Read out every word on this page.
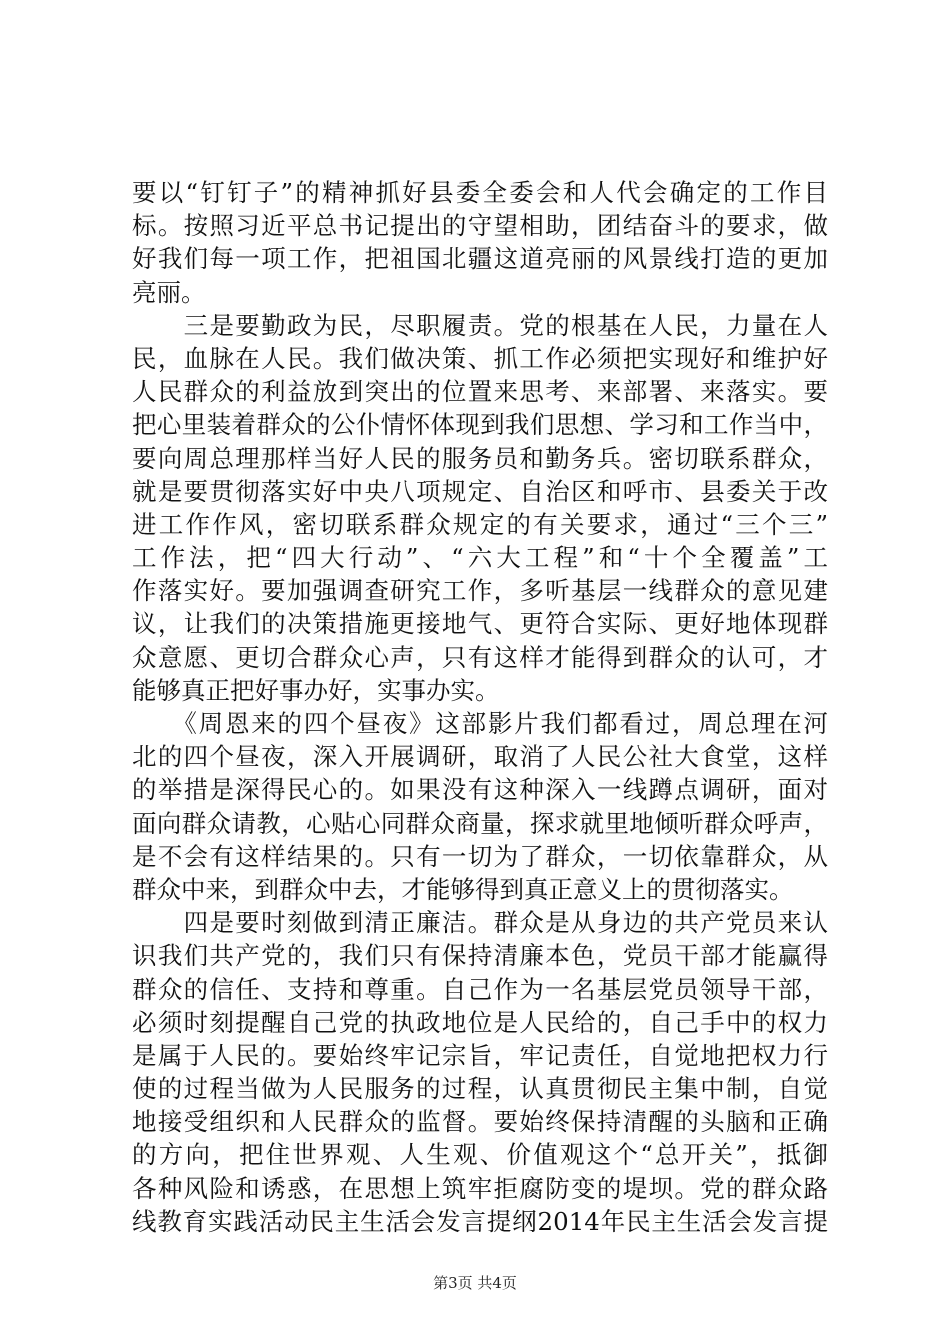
要以“钉钉子”的精神抓好县委全委会和人代会确定的工作目
标。按照习近平总书记提出的守望相助，团结奋斗的要求，做
好我们每一项工作，把祖国北疆这道亮丽的风景线打造的更加
亮丽。
　　三是要勤政为民，尽职履责。党的根基在人民，力量在人
民，血脉在人民。我们做决策、抓工作必须把实现好和维护好
人民群众的利益放到突出的位置来思考、来部署、来落实。要
把心里装着群众的公仆情怀体现到我们思想、学习和工作当中，
要向周总理那样当好人民的服务员和勤务兵。密切联系群众，
就是要贯彻落实好中央八项规定、自治区和呼市、县委关于改
进工作作风，密切联系群众规定的有关要求，通过“三个三”
工作法，把“四大行动”、“六大工程”和“十个全覆盖”工
作落实好。要加强调查研究工作，多听基层一线群众的意见建
议，让我们的决策措施更接地气、更符合实际、更好地体现群
众意愿、更切合群众心声，只有这样才能得到群众的认可，才
能够真正把好事办好，实事办实。
　　《周恩来的四个昼夜》这部影片我们都看过，周总理在河
北的四个昼夜，深入开展调研，取消了人民公社大食堂，这样
的举措是深得民心的。如果没有这种深入一线蹲点调研，面对
面向群众请教，心贴心同群众商量，探求就里地倾听群众呼声，
是不会有这样结果的。只有一切为了群众，一切依靠群众，从
群众中来，到群众中去，才能够得到真正意义上的贯彻落实。
　　四是要时刻做到清正廉洁。群众是从身边的共产党员来认
识我们共产党的，我们只有保持清廉本色，党员干部才能赢得
群众的信任、支持和尊重。自己作为一名基层党员领导干部，
必须时刻提醒自己党的执政地位是人民给的，自己手中的权力
是属于人民的。要始终牢记宗旨，牢记责任，自觉地把权力行
使的过程当做为人民服务的过程，认真贯彻民主集中制，自觉
地接受组织和人民群众的监督。要始终保持清醒的头脑和正确
的方向，把住世界观、人生观、价值观这个“总开关”，抵御
各种风险和诱惑，在思想上筑牢拒腐防变的堤坝。党的群众路
线教育实践活动民主生活会发言提纲2014年民主生活会发言提
第3页 共4页
